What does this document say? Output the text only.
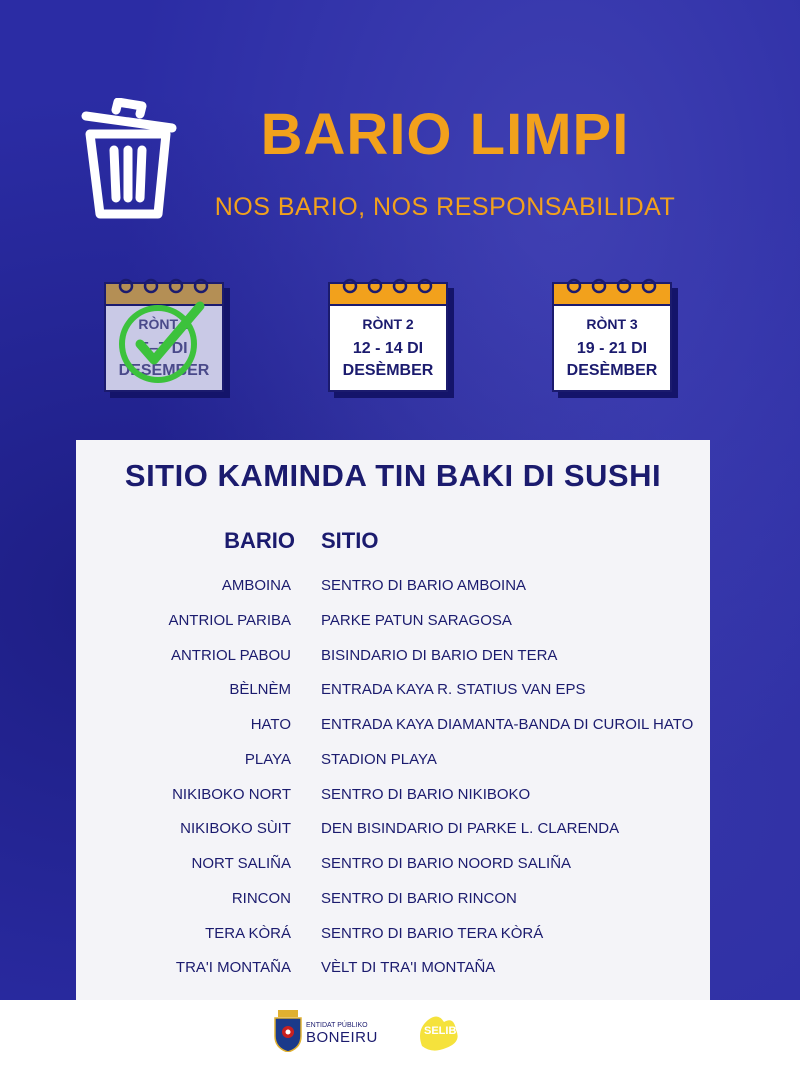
BARIO LIMPI
NOS BARIO, NOS RESPONSABILIDAT
RÒNT 1
5–7 DI
DESEMBER
RÒNT 2
12 - 14 DI
DESÈMBER
RÒNT 3
19 - 21 DI
DESÈMBER
SITIO KAMINDA TIN BAKI DI SUSHI
BARIO SITIO
AMBOINA SENTRO DI BARIO AMBOINA
ANTRIOL PARIBA PARKE PATUN SARAGOSA
ANTRIOL PABOU BISINDARIO DI BARIO DEN TERA
BÈLNÈM ENTRADA KAYA R. STATIUS VAN EPS
HATO ENTRADA KAYA DIAMANTA-BANDA DI CUROIL HATO
PLAYA STADION PLAYA
NIKIBOKO NORT SENTRO DI BARIO NIKIBOKO
NIKIBOKO SÙIT DEN BISINDARIO DI PARKE L. CLARENDA
NORT SALIÑA SENTRO DI BARIO NOORD SALIÑA
RINCON SENTRO DI BARIO RINCON
TERA KÒRÁ SENTRO DI BARIO TERA KÒRÁ
TRA'I MONTAÑA VÈLT DI TRA'I MONTAÑA
ENTIDAT PÚBLIKO
BONEIRU	SELIBON
